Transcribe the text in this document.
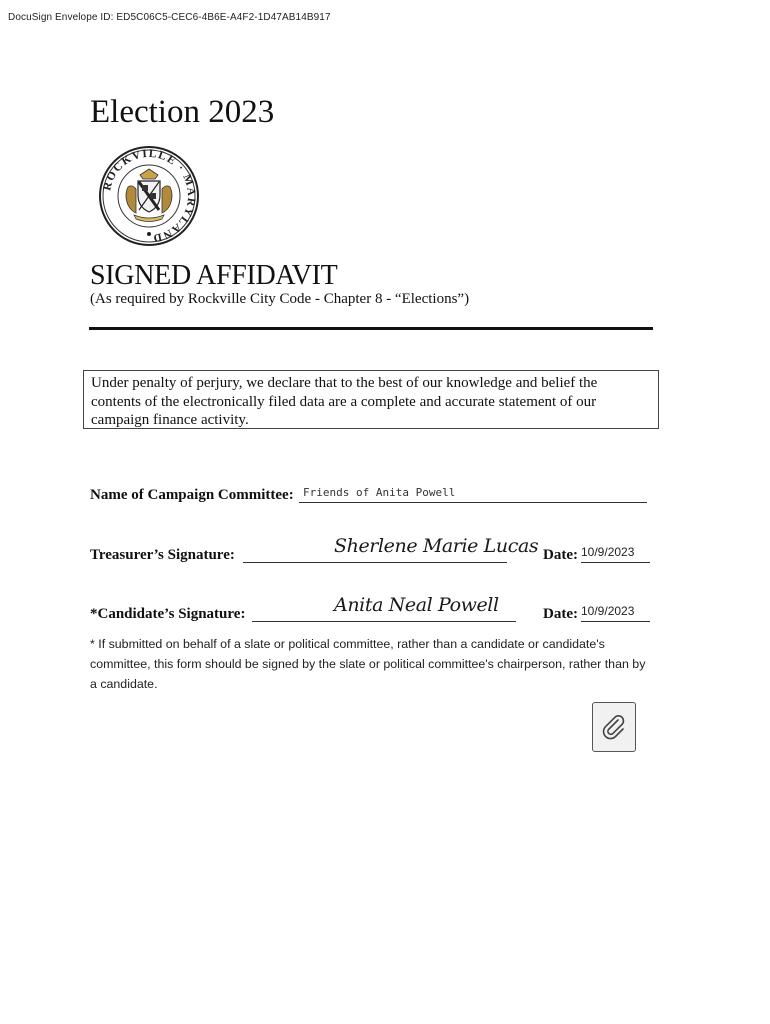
DocuSign Envelope ID: ED5C06C5-CEC6-4B6E-A4F2-1D47AB14B917
Election 2023
ROCKVILLE · MARYLAND
SIGNED AFFIDAVIT
(As required by Rockville City Code - Chapter 8 - “Elections”)
Under penalty of perjury, we declare that to the best of our knowledge and belief the contents of the electronically filed data are a complete and accurate statement of our campaign finance activity.
Name of Campaign Committee: Friends of Anita Powell
Treasurer’s Signature:	Sherlene Marie Lucas Date: 10/9/2023
*Candidate’s Signature:	Anita Neal Powell	Date: 10/9/2023
* If submitted on behalf of a slate or political committee, rather than a candidate or candidate's committee, this form should be signed by the slate or political committee's chairperson, rather than by a candidate.
